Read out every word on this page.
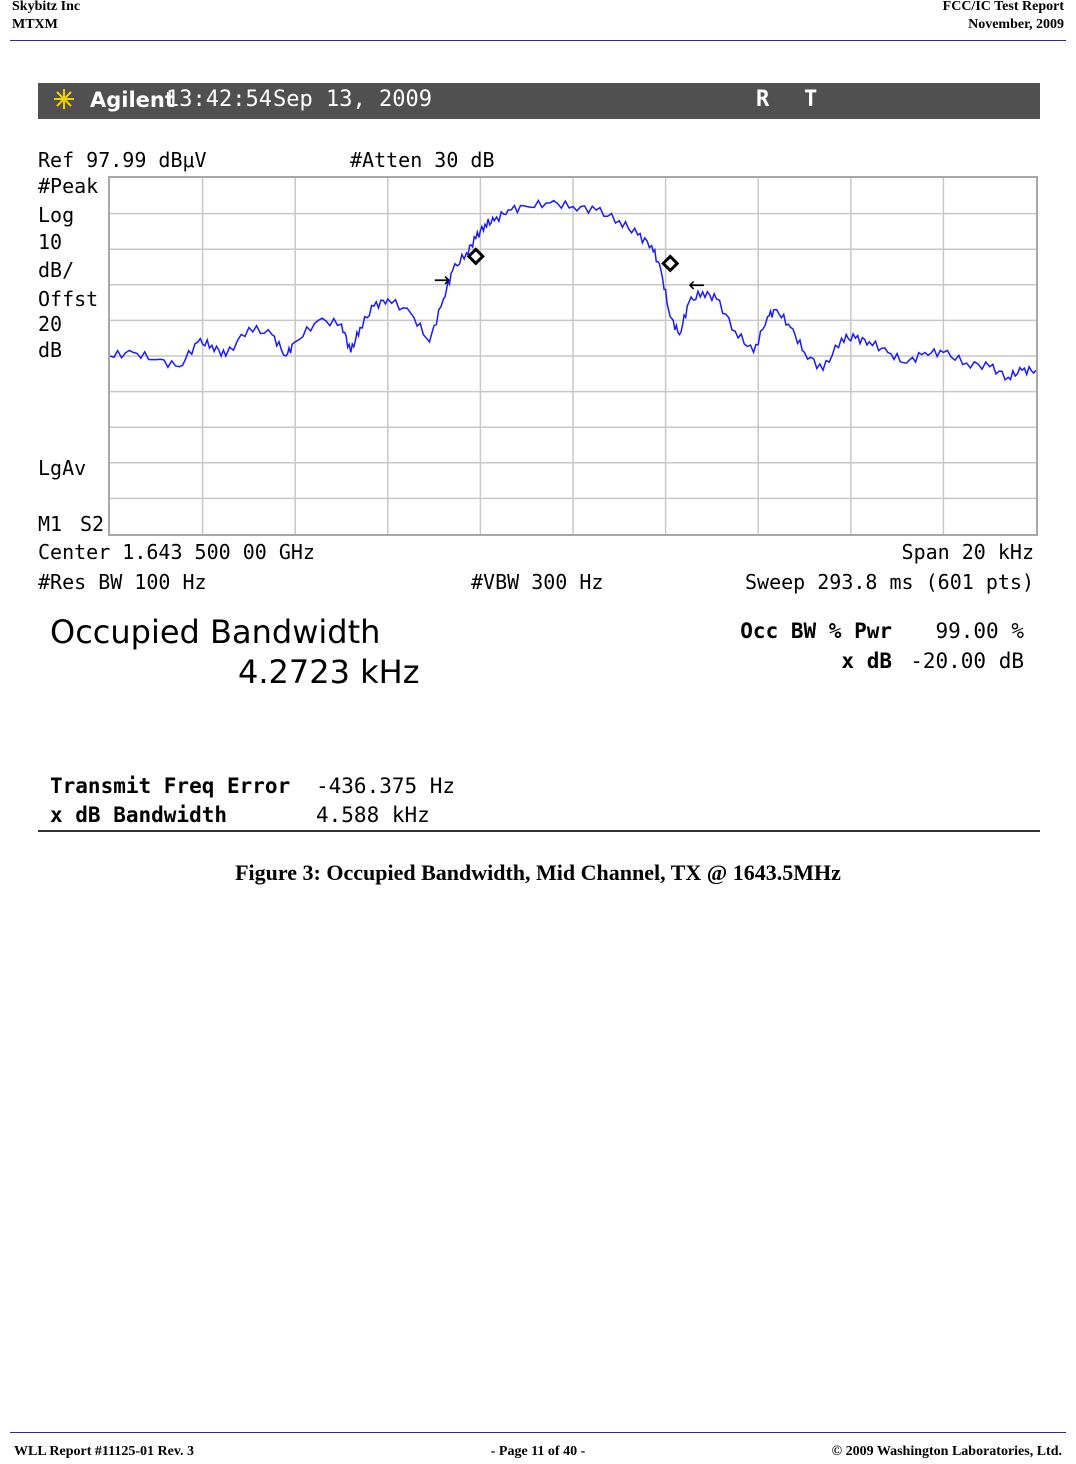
Skybitz Inc
MTXM
FCC/IC Test Report
November, 2009
Agilent
13:42:54 Sep 13, 2009	R T
Ref 97.99 dBμV	#Atten 30 dB
#Peak
Log
10
dB/
Offst
20
dB
LgAv
M1 S2
→	←
Center 1.643 500 00 GHz	Span 20 kHz
#Res BW 100 Hz	#VBW 300 Hz	Sweep 293.8 ms (601 pts)
Occupied Bandwidth
4.2723 kHz
Occ BW % Pwr 99.00 %
x dB -20.00 dB
Transmit Freq Error -436.375 Hz
x dB Bandwidth	4.588 kHz
Figure 3: Occupied Bandwidth, Mid Channel, TX @ 1643.5MHz
WLL Report #11125-01 Rev. 3	- Page 11 of 40 -	© 2009 Washington Laboratories, Ltd.
